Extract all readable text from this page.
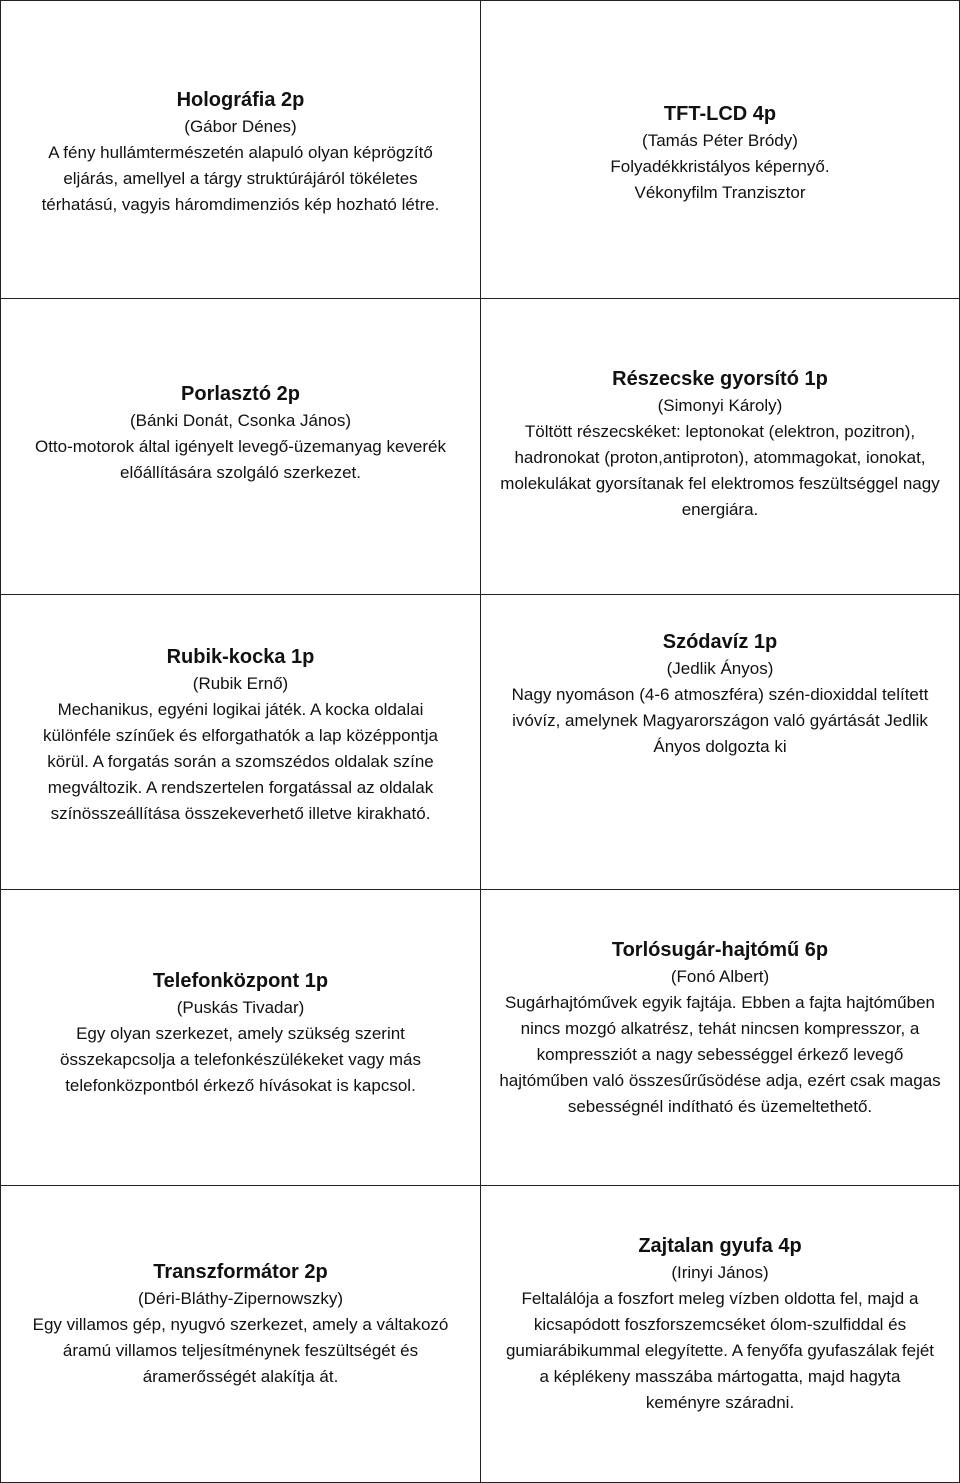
Holográfia 2p
(Gábor Dénes)
A fény hullámtermészetén alapuló olyan képrögzítő eljárás, amellyel a tárgy struktúrájáról tökéletes térhatású, vagyis háromdimenziós kép hozható létre.
TFT-LCD 4p
(Tamás Péter Bródy)
Folyadékkristályos képernyő. Vékonyfilm Tranzisztor
Porlasztó 2p
(Bánki Donát, Csonka János)
Otto-motorok által igényelt levegő-üzemanyag keverék előállítására szolgáló szerkezet.
Részecske gyorsító 1p
(Simonyi Károly)
Töltött részecskéket: leptonokat (elektron, pozitron), hadronokat (proton,antiproton), atommagokat, ionokat, molekulákat gyorsítanak fel elektromos feszültséggel nagy energiára.
Rubik-kocka 1p
(Rubik Ernő)
Mechanikus, egyéni logikai játék. A kocka oldalai különféle színűek és elforgathatók a lap középpontja körül. A forgatás során a szomszédos oldalak színe megváltozik. A rendszertelen forgatással az oldalak színösszeállítása összekeverhető illetve kirakható.
Szódavíz 1p
(Jedlik Ányos)
Nagy nyomáson (4-6 atmoszféra) szén-dioxiddal telített ivóvíz, amelynek Magyarországon való gyártását Jedlik Ányos dolgozta ki
Telefonközpont 1p
(Puskás Tivadar)
Egy olyan szerkezet, amely szükség szerint összekapcsolja a telefonkészülékeket vagy más telefonközpontból érkező hívásokat is kapcsol.
Torlósugár-hajtómű 6p
(Fonó Albert)
Sugárhajtóművek egyik fajtája. Ebben a fajta hajtóműben nincs mozgó alkatrész, tehát nincsen kompresszor, a kompressziót a nagy sebességgel érkező levegő hajtóműben való összesűrűsödése adja, ezért csak magas sebességnél indítható és üzemeltethető.
Transzformátor 2p
(Déri-Bláthy-Zipernowszky)
Egy villamos gép, nyugvó szerkezet, amely a váltakozó áramú villamos teljesítménynek feszültségét és áramerősségét alakítja át.
Zajtalan gyufa 4p
(Irinyi János)
Feltalálója a foszfort meleg vízben oldotta fel, majd a kicsapódott foszforszemcséket ólom-szulfiddal és gumiarábikummal elegyítette. A fenyőfa gyufaszálak fejét a képlékeny masszába mártogatta, majd hagyta keményre száradni.
